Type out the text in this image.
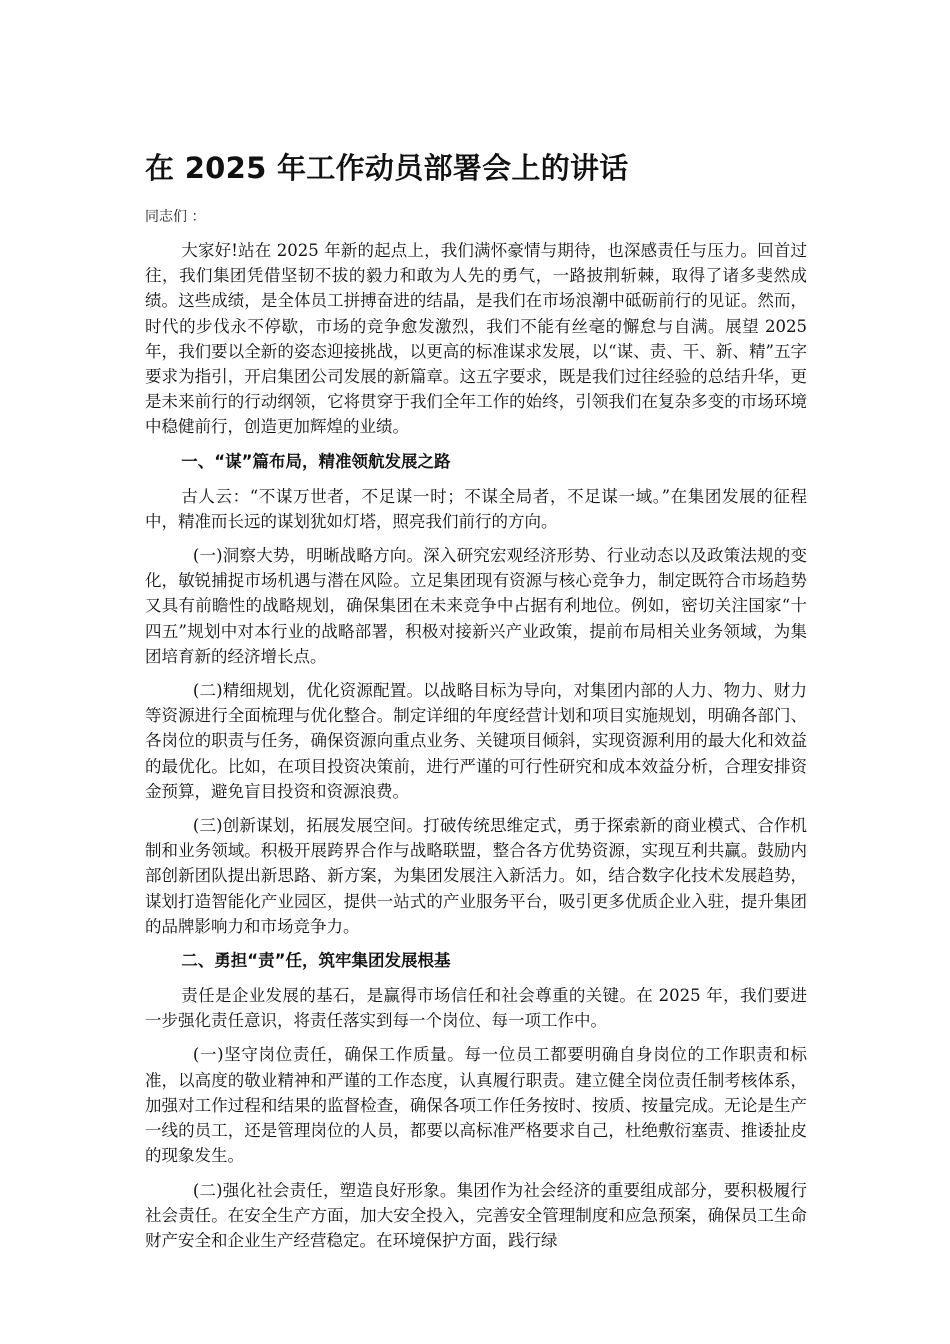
在 2025 年工作动员部署会上的讲话
同志们 ：

大家好!站在 2025 年新的起点上，我们满怀豪情与期待，也深感责任与压力。回首过往，我们集团凭借坚韧不拔的毅力和敢为人先的勇气，一路披荆斩棘，取得了诸多斐然成绩。这些成绩，是全体员工拼搏奋进的结晶，是我们在市场浪潮中砥砺前行的见证。然而，时代的步伐永不停歇，市场的竞争愈发激烈，我们不能有丝毫的懈怠与自满。展望 2025 年，我们要以全新的姿态迎接挑战，以更高的标准谋求发展，以“谋、责、干、新、精”五字要求为指引，开启集团公司发展的新篇章。这五字要求，既是我们过往经验的总结升华，更是未来前行的行动纲领，它将贯穿于我们全年工作的始终，引领我们在复杂多变的市场环境中稳健前行，创造更加辉煌的业绩。

一、“谋”篇布局，精准领航发展之路

古人云：“不谋万世者，不足谋一时；不谋全局者，不足谋一域。”在集团发展的征程中，精准而长远的谋划犹如灯塔，照亮我们前行的方向。

(一)洞察大势，明晰战略方向。深入研究宏观经济形势、行业动态以及政策法规的变化，敏锐捕捉市场机遇与潜在风险。立足集团现有资源与核心竞争力，制定既符合市场趋势又具有前瞻性的战略规划，确保集团在未来竞争中占据有利地位。例如，密切关注国家“十四五”规划中对本行业的战略部署，积极对接新兴产业政策，提前布局相关业务领域，为集团培育新的经济增长点。

(二)精细规划，优化资源配置。以战略目标为导向，对集团内部的人力、物力、财力等资源进行全面梳理与优化整合。制定详细的年度经营计划和项目实施规划，明确各部门、各岗位的职责与任务，确保资源向重点业务、关键项目倾斜，实现资源利用的最大化和效益的最优化。比如，在项目投资决策前，进行严谨的可行性研究和成本效益分析，合理安排资金预算，避免盲目投资和资源浪费。

(三)创新谋划，拓展发展空间。打破传统思维定式，勇于探索新的商业模式、合作机制和业务领域。积极开展跨界合作与战略联盟，整合各方优势资源，实现互利共赢。鼓励内部创新团队提出新思路、新方案，为集团发展注入新活力。如，结合数字化技术发展趋势，谋划打造智能化产业园区，提供一站式的产业服务平台，吸引更多优质企业入驻，提升集团的品牌影响力和市场竞争力。

二、勇担“责”任，筑牢集团发展根基

责任是企业发展的基石，是赢得市场信任和社会尊重的关键。在 2025 年，我们要进一步强化责任意识，将责任落实到每一个岗位、每一项工作中。

(一)坚守岗位责任，确保工作质量。每一位员工都要明确自身岗位的工作职责和标准，以高度的敬业精神和严谨的工作态度，认真履行职责。建立健全岗位责任制考核体系，加强对工作过程和结果的监督检查，确保各项工作任务按时、按质、按量完成。无论是生产一线的员工，还是管理岗位的人员，都要以高标准严格要求自己，杜绝敷衍塞责、推诿扯皮的现象发生。

(二)强化社会责任，塑造良好形象。集团作为社会经济的重要组成部分，要积极履行社会责任。在安全生产方面，加大安全投入，完善安全管理制度和应急预案，确保员工生命财产安全和企业生产经营稳定。在环境保护方面，践行绿
